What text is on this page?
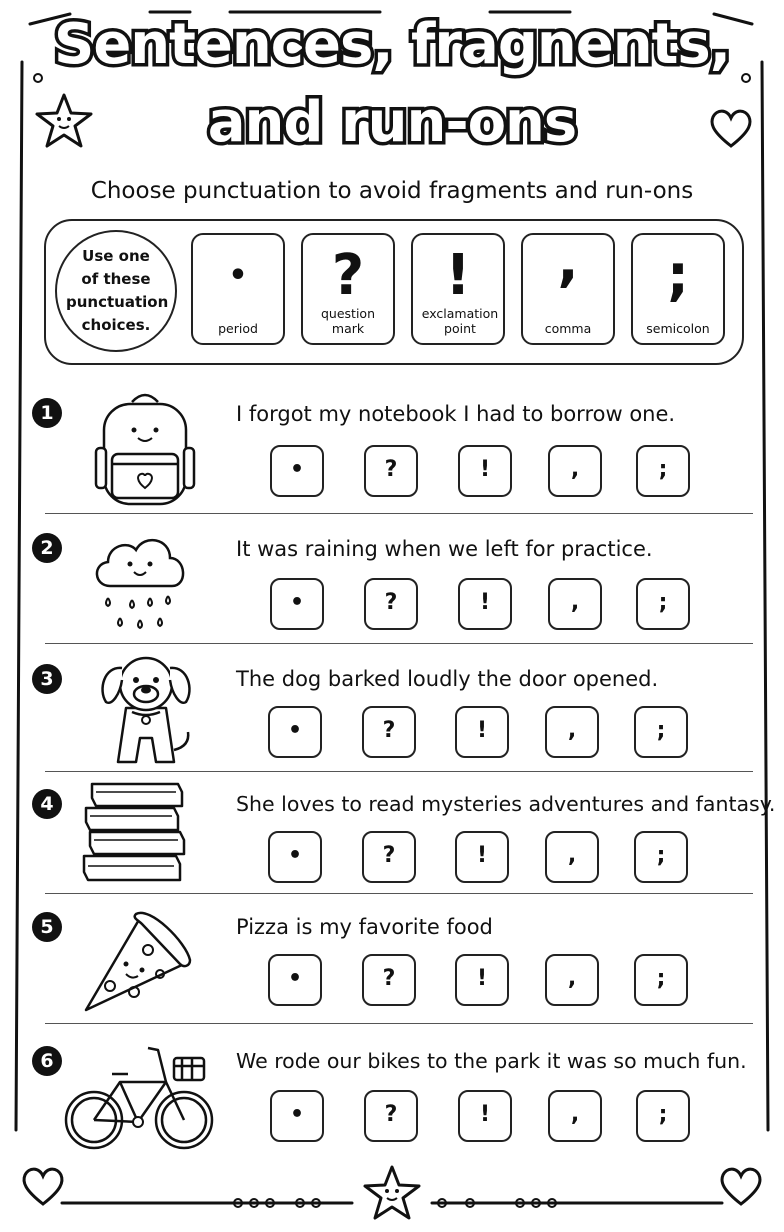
Sentences, fragnents,
and run-ons
Choose punctuation to avoid fragments and run-ons
Use one
of these
punctuation
choices.
•
period
?
question mark
!
exclamation point
,
comma
;
semicolon
1	I forgot my notebook I had to borrow one.
•	?	!	,	;
2	It was raining when we left for practice.
•	?	!	,	;
3	The dog barked loudly the door opened.
•	?	!	,	;
4	She loves to read mysteries adventures and fantasy.
•	?	!	,	;
5	Pizza is my favorite food
•	?	!	,	;
6	We rode our bikes to the park it was so much fun.
•	?	!	,	;
